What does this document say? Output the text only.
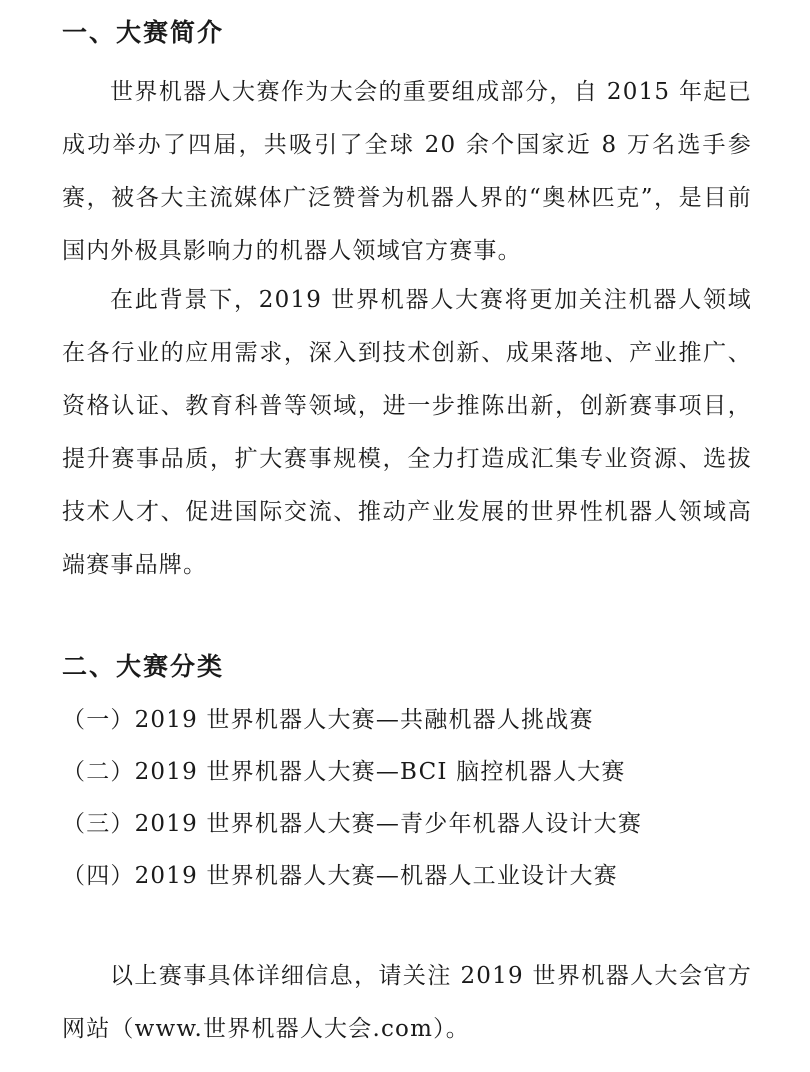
一、大赛简介

世界机器人大赛作为大会的重要组成部分，自 2015 年起已成功举办了四届，共吸引了全球 20 余个国家近 8 万名选手参赛，被各大主流媒体广泛赞誉为机器人界的“奥林匹克”，是目前国内外极具影响力的机器人领域官方赛事。

在此背景下，2019 世界机器人大赛将更加关注机器人领域在各行业的应用需求，深入到技术创新、成果落地、产业推广、资格认证、教育科普等领域，进一步推陈出新，创新赛事项目，提升赛事品质，扩大赛事规模，全力打造成汇集专业资源、选拔技术人才、促进国际交流、推动产业发展的世界性机器人领域高端赛事品牌。

二、大赛分类
（一）2019 世界机器人大赛—共融机器人挑战赛
（二）2019 世界机器人大赛—BCI 脑控机器人大赛
（三）2019 世界机器人大赛—青少年机器人设计大赛
（四）2019 世界机器人大赛—机器人工业设计大赛

以上赛事具体详细信息，请关注 2019 世界机器人大会官方网站（www.世界机器人大会.com）。
